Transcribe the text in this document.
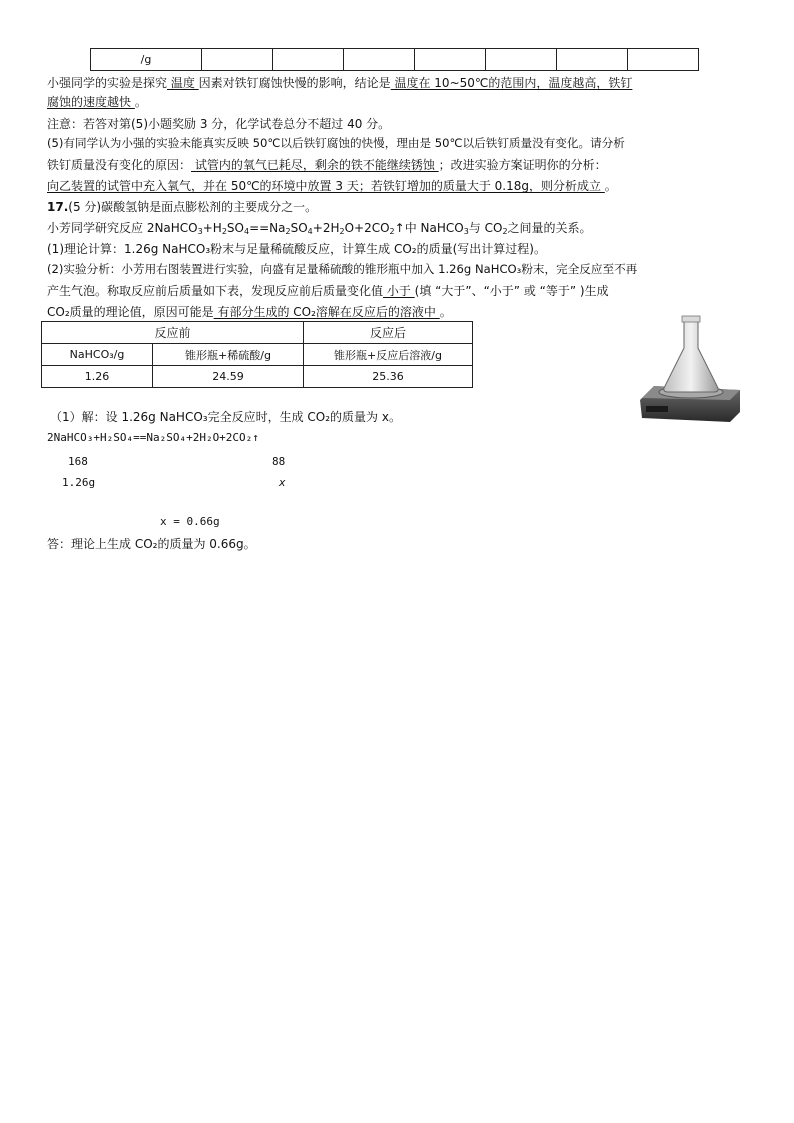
/g							
小强同学的实验是探究 温度 因素对铁钉腐蚀快慢的影响，结论是 温度在 10~50℃的范围内，温度越高，铁钉
腐蚀的速度越快 。
注意：若答对第(5)小题奖励 3 分，化学试卷总分不超过 40 分。
(5)有同学认为小强的实验未能真实反映 50℃以后铁钉腐蚀的快慢，理由是 50℃以后铁钉质量没有变化。请分析
铁钉质量没有变化的原因： 试管内的氧气已耗尽，剩余的铁不能继续锈蚀 ；改进实验方案证明你的分析：
向乙装置的试管中充入氧气，并在 50℃的环境中放置 3 天；若铁钉增加的质量大于 0.18g，则分析成立 。
17.(5 分)碳酸氢钠是面点膨松剂的主要成分之一。
小芳同学研究反应 $2NaHCO_3+H_2SO_4==Na_2SO_4+2H_2O+2CO_2↑$中 NaHCO$_3$与 $CO_2$之间量的关系。
(1)理论计算：1.26g NaHCO₃粉末与足量稀硫酸反应，计算生成 CO₂的质量(写出计算过程)。
(2)实验分析：小芳用右图装置进行实验，向盛有足量稀硫酸的锥形瓶中加入 1.26g NaHCO₃粉末，完全反应至不再
产生气泡。称取反应前后质量如下表，发现反应前后质量变化值 小于 (填 “大于”、“小于” 或 “等于” )生成
CO₂质量的理论值，原因可能是 有部分生成的 CO₂溶解在反应后的溶液中 。
反应前		反应后
NaHCO₃/g	锥形瓶+稀硫酸/g	锥形瓶+反应后溶液/g
1.26	24.59	25.36
（1）解：设 1.26g NaHCO₃完全反应时，生成 CO₂的质量为 x。
2NaHCO₃+H₂SO₄==Na₂SO₄+2H₂O+2CO₂↑
168	88
1.26g	x
x = 0.66g
答：理论上生成 CO₂的质量为 0.66g。
